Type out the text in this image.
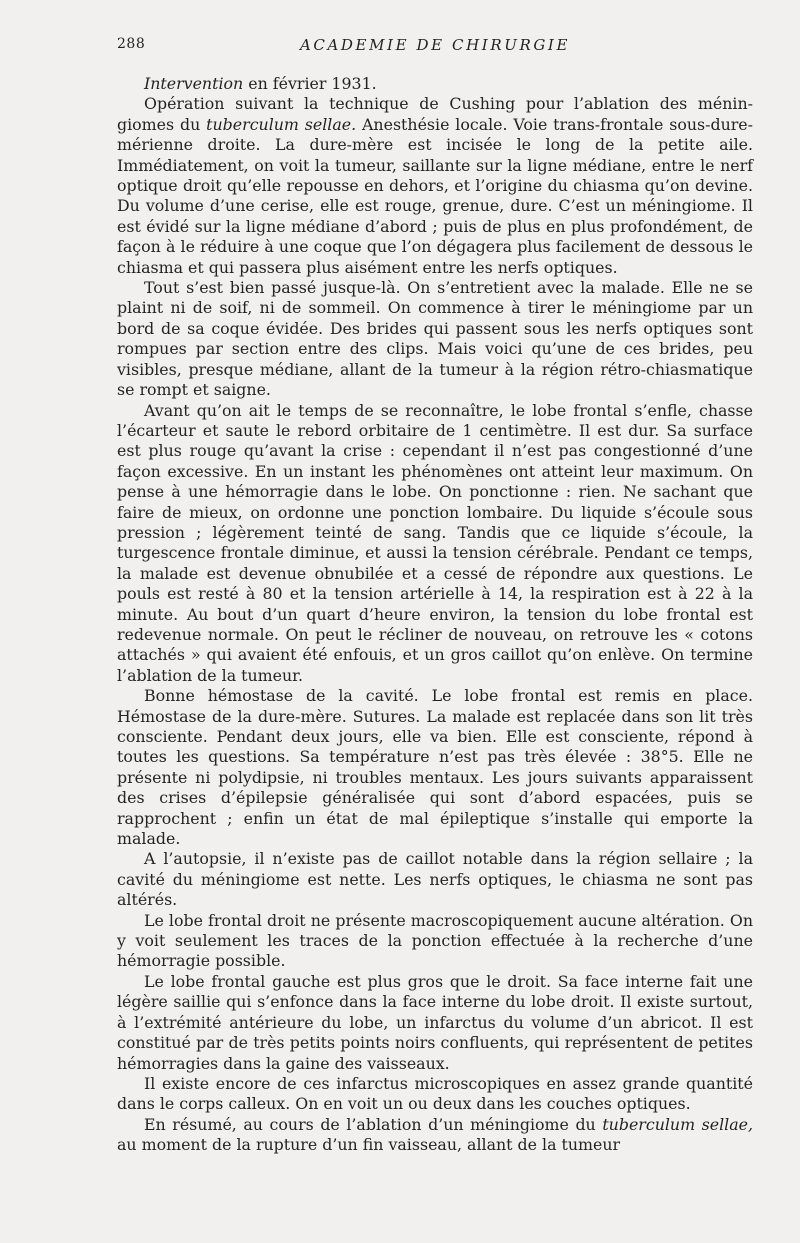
288	ACADEMIE DE CHIRURGIE

Intervention en février 1931.

Opération suivant la technique de Cushing pour l’ablation des méningiomes du tuberculum sellae. Anesthésie locale. Voie trans-frontale sous-dure-mérienne droite. La dure-mère est incisée le long de la petite aile. Immédiatement, on voit la tumeur, saillante sur la ligne médiane, entre le nerf optique droit qu’elle repousse en dehors, et l’origine du chiasma qu’on devine. Du volume d’une cerise, elle est rouge, grenue, dure. C’est un méningiome. Il est évidé sur la ligne médiane d’abord ; puis de plus en plus profondément, de façon à le réduire à une coque que l’on dégagera plus facilement de dessous le chiasma et qui passera plus aisément entre les nerfs optiques.

Tout s’est bien passé jusque-là. On s’entretient avec la malade. Elle ne se plaint ni de soif, ni de sommeil. On commence à tirer le méningiome par un bord de sa coque évidée. Des brides qui passent sous les nerfs optiques sont rompues par section entre des clips. Mais voici qu’une de ces brides, peu visibles, presque médiane, allant de la tumeur à la région rétro-chiasmatique se rompt et saigne.

Avant qu’on ait le temps de se reconnaître, le lobe frontal s’enfle, chasse l’écarteur et saute le rebord orbitaire de 1 centimètre. Il est dur. Sa surface est plus rouge qu’avant la crise : cependant il n’est pas congestionné d’une façon excessive. En un instant les phénomènes ont atteint leur maximum. On pense à une hémorragie dans le lobe. On ponctionne : rien. Ne sachant que faire de mieux, on ordonne une ponction lombaire. Du liquide s’écoule sous pression ; légèrement teinté de sang. Tandis que ce liquide s’écoule, la turgescence frontale diminue, et aussi la tension cérébrale. Pendant ce temps, la malade est devenue obnubilée et a cessé de répondre aux questions. Le pouls est resté à 80 et la tension artérielle à 14, la respiration est à 22 à la minute. Au bout d’un quart d’heure environ, la tension du lobe frontal est redevenue normale. On peut le récliner de nouveau, on retrouve les « cotons attachés » qui avaient été enfouis, et un gros caillot qu’on enlève. On termine l’ablation de la tumeur.

Bonne hémostase de la cavité. Le lobe frontal est remis en place. Hémostase de la dure-mère. Sutures. La malade est replacée dans son lit très consciente. Pendant deux jours, elle va bien. Elle est consciente, répond à toutes les questions. Sa température n’est pas très élevée : 38°5. Elle ne présente ni polydipsie, ni troubles mentaux. Les jours suivants apparaissent des crises d’épilepsie généralisée qui sont d’abord espacées, puis se rapprochent ; enfin un état de mal épileptique s’installe qui emporte la malade.

A l’autopsie, il n’existe pas de caillot notable dans la région sellaire ; la cavité du méningiome est nette. Les nerfs optiques, le chiasma ne sont pas altérés.

Le lobe frontal droit ne présente macroscopiquement aucune altération. On y voit seulement les traces de la ponction effectuée à la recherche d’une hémorragie possible.

Le lobe frontal gauche est plus gros que le droit. Sa face interne fait une légère saillie qui s’enfonce dans la face interne du lobe droit. Il existe surtout, à l’extrémité antérieure du lobe, un infarctus du volume d’un abricot. Il est constitué par de très petits points noirs confluents, qui représentent de petites hémorragies dans la gaine des vaisseaux.

Il existe encore de ces infarctus microscopiques en assez grande quantité dans le corps calleux. On en voit un ou deux dans les couches optiques.

En résumé, au cours de l’ablation d’un méningiome du tuberculum sellae, au moment de la rupture d’un fin vaisseau, allant de la tumeur
